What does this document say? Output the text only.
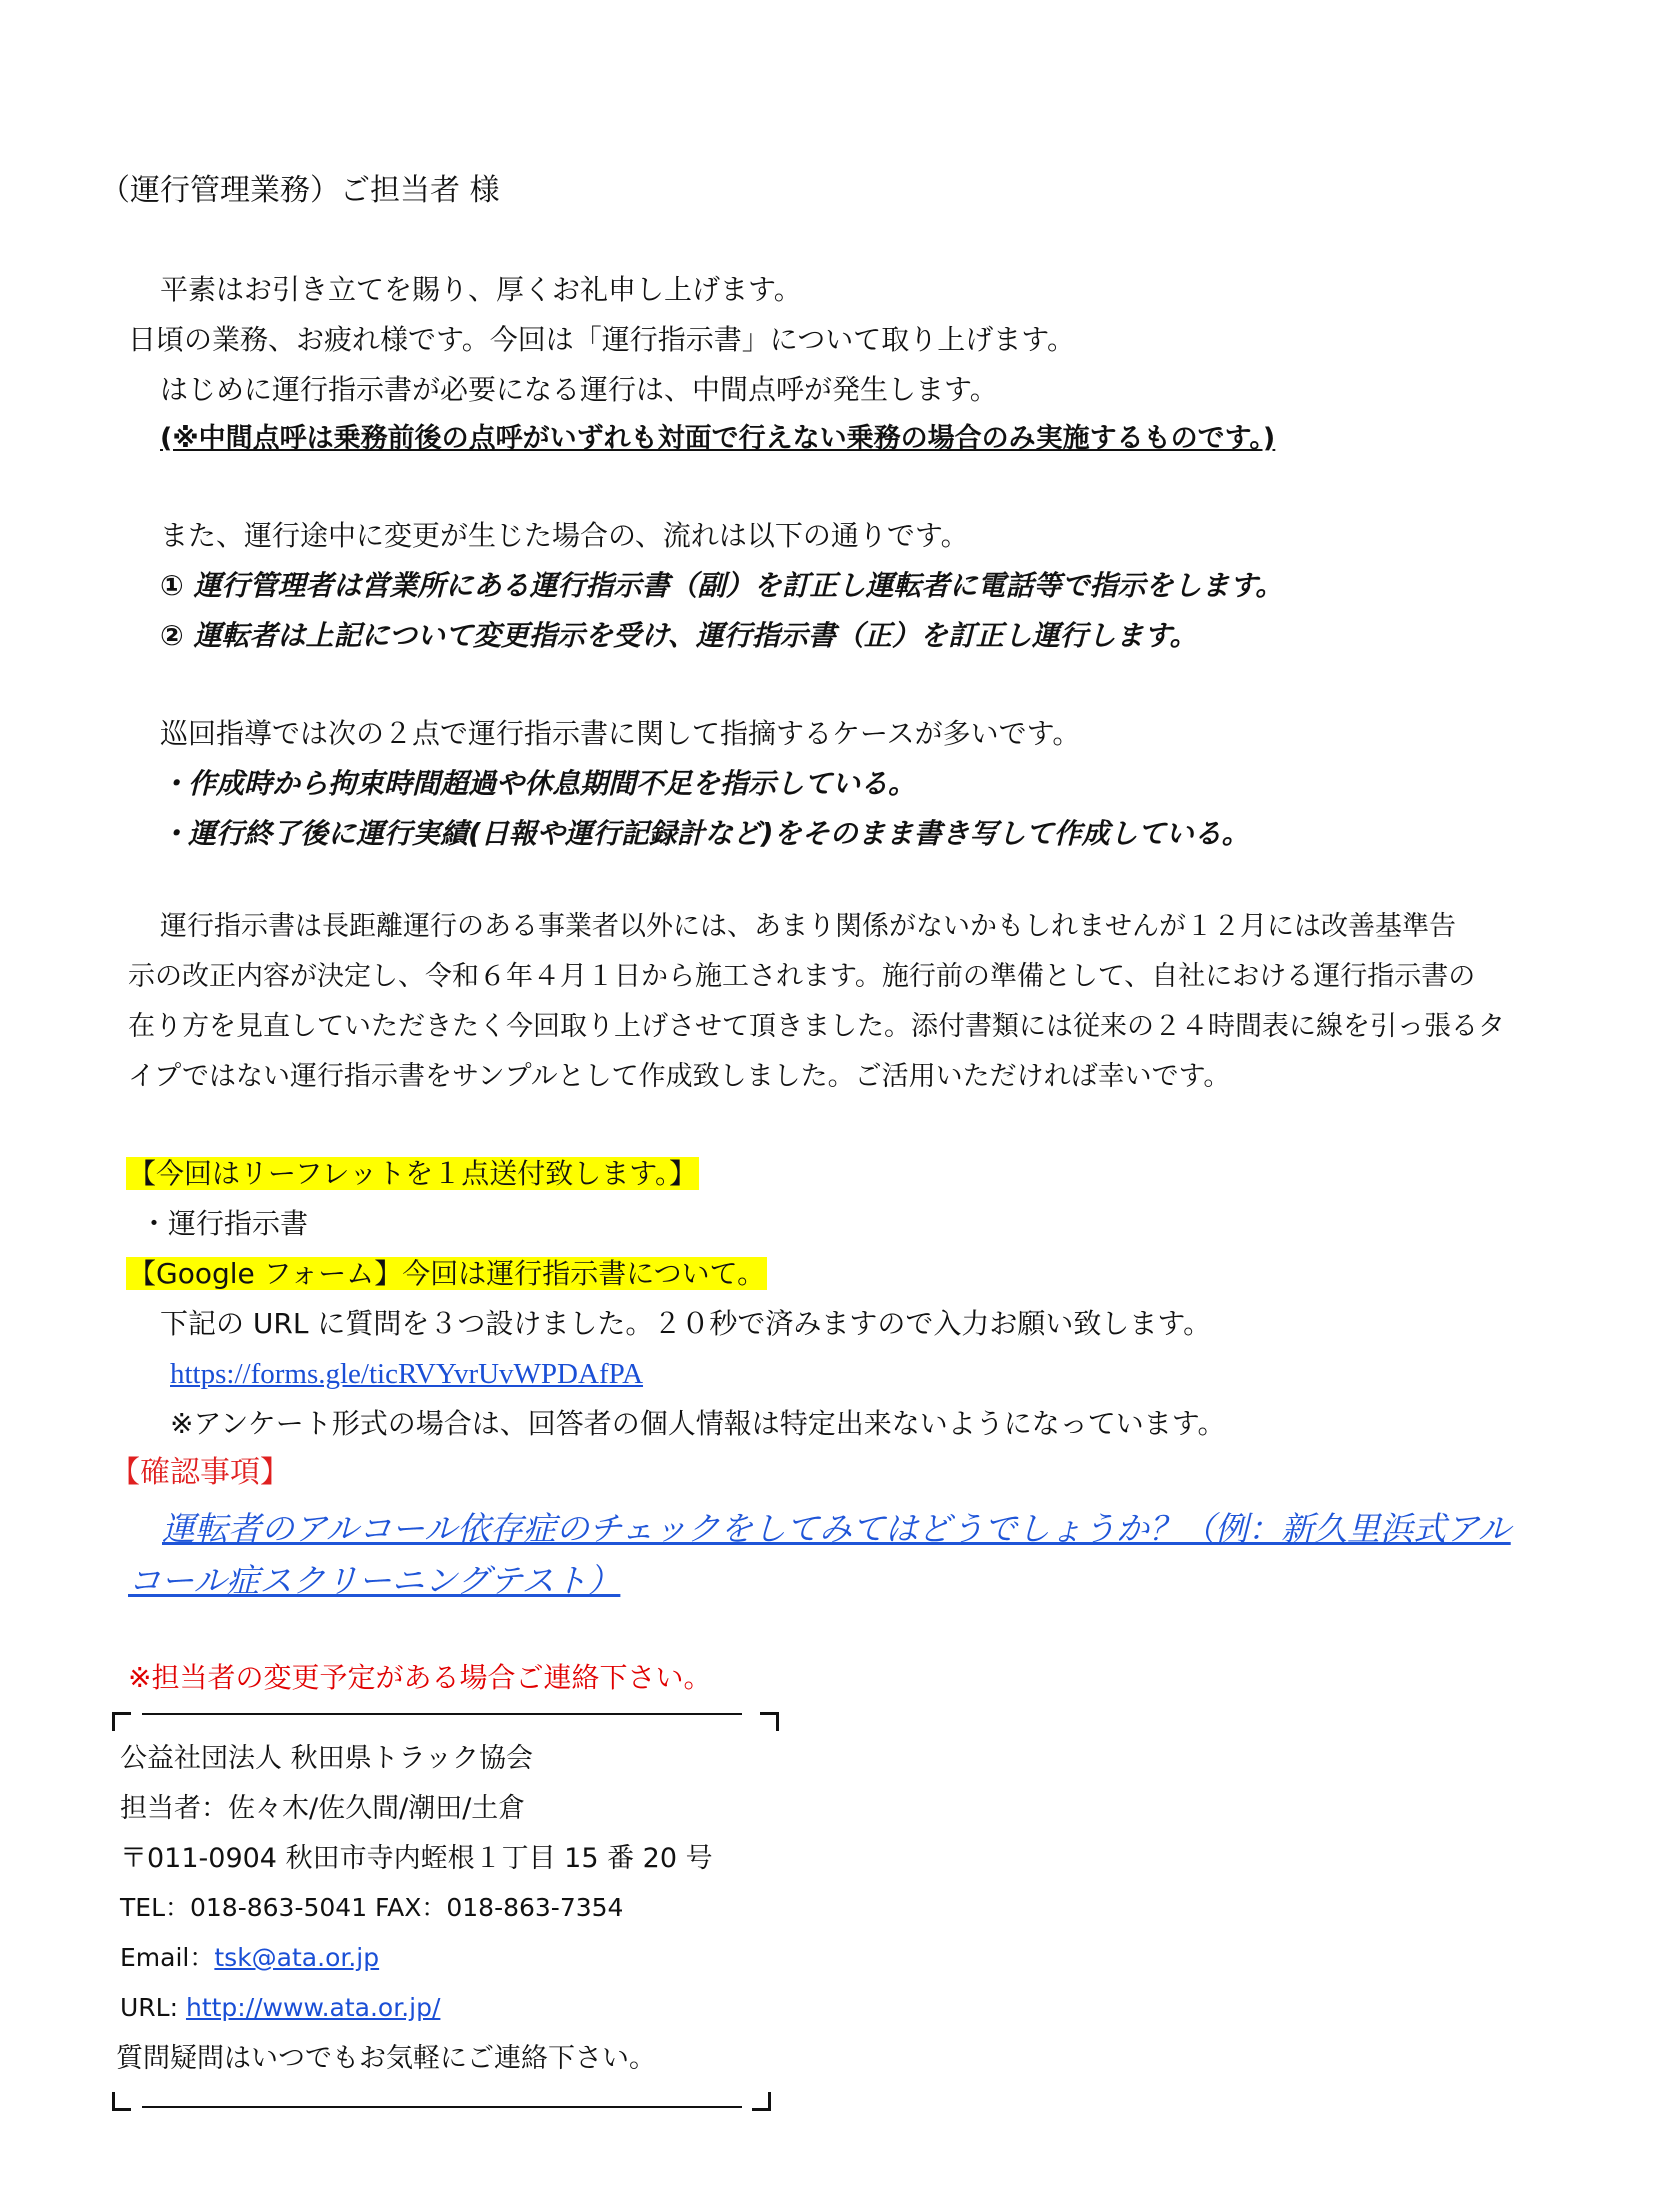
（運行管理業務）ご担当者 様
平素はお引き立てを賜り、厚くお礼申し上げます。
日頃の業務、お疲れ様です。今回は「運行指示書」について取り上げます。
はじめに運行指示書が必要になる運行は、中間点呼が発生します。
(※中間点呼は乗務前後の点呼がいずれも対面で行えない乗務の場合のみ実施するものです。)
また、運行途中に変更が生じた場合の、流れは以下の通りです。
① 運行管理者は営業所にある運行指示書（副）を訂正し運転者に電話等で指示をします。
② 運転者は上記について変更指示を受け、運行指示書（正）を訂正し運行します。
巡回指導では次の２点で運行指示書に関して指摘するケースが多いです。
・作成時から拘束時間超過や休息期間不足を指示している。
・運行終了後に運行実績(日報や運行記録計など)をそのまま書き写して作成している。
運行指示書は長距離運行のある事業者以外には、あまり関係がないかもしれませんが１２月には改善基準告
示の改正内容が決定し、令和６年４月１日から施工されます。施行前の準備として、自社における運行指示書の
在り方を見直していただきたく今回取り上げさせて頂きました。添付書類には従来の２４時間表に線を引っ張るタ
イプではない運行指示書をサンプルとして作成致しました。ご活用いただければ幸いです。
【今回はリーフレットを１点送付致します。】
・運行指示書
【Google フォーム】今回は運行指示書について。
下記の URL に質問を３つ設けました。２０秒で済みますので入力お願い致します。
https://forms.gle/ticRVYvrUvWPDAfPA
※アンケート形式の場合は、回答者の個人情報は特定出来ないようになっています。
【確認事項】
運転者のアルコール依存症のチェックをしてみてはどうでしょうか？（例：新久里浜式アル
コール症スクリーニングテスト）
※担当者の変更予定がある場合ご連絡下さい。
公益社団法人 秋田県トラック協会
担当者：佐々木/佐久間/潮田/土倉
〒011-0904 秋田市寺内蛭根１丁目 15 番 20 号
TEL：018-863-5041 FAX：018-863-7354
Email：tsk@ata.or.jp
URL: http://www.ata.or.jp/
質問疑問はいつでもお気軽にご連絡下さい。
